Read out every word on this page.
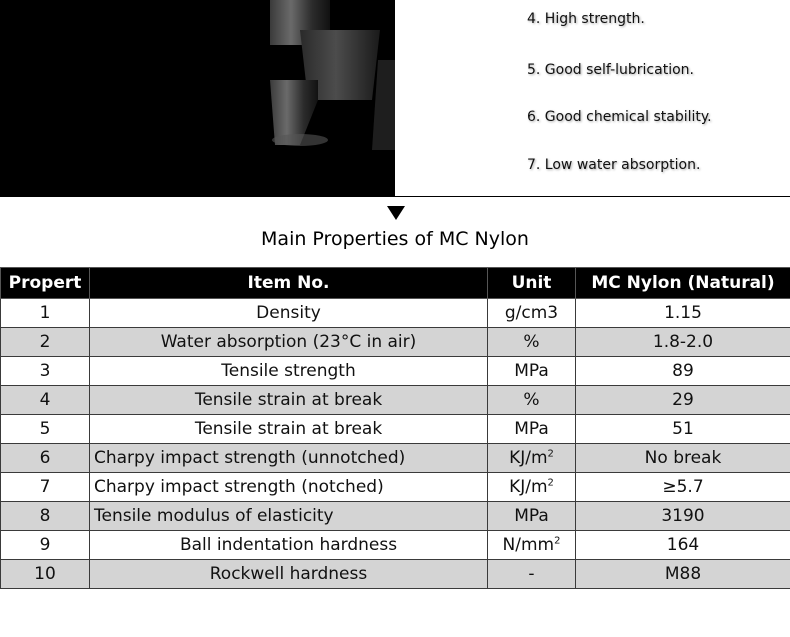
4. High strength.
5. Good self-lubrication.
6. Good chemical stability.
7. Low water absorption.
Main Properties of MC Nylon
Propert	Item No.	Unit	MC Nylon (Natural)
1	Density	g/cm3	1.15
2	Water absorption (23°C in air)	%	1.8-2.0
3	Tensile strength	MPa	89
4	Tensile strain at break	%	29
5	Tensile strain at break	MPa	51
6	Charpy impact strength (unnotched)	$KJ/m^2$	No break
7	Charpy impact strength (notched)	$KJ/m^2$	≥5.7
8	Tensile modulus of elasticity	MPa	3190
9	Ball indentation hardness	$N/mm^2$	164
10	Rockwell hardness	-	M88
